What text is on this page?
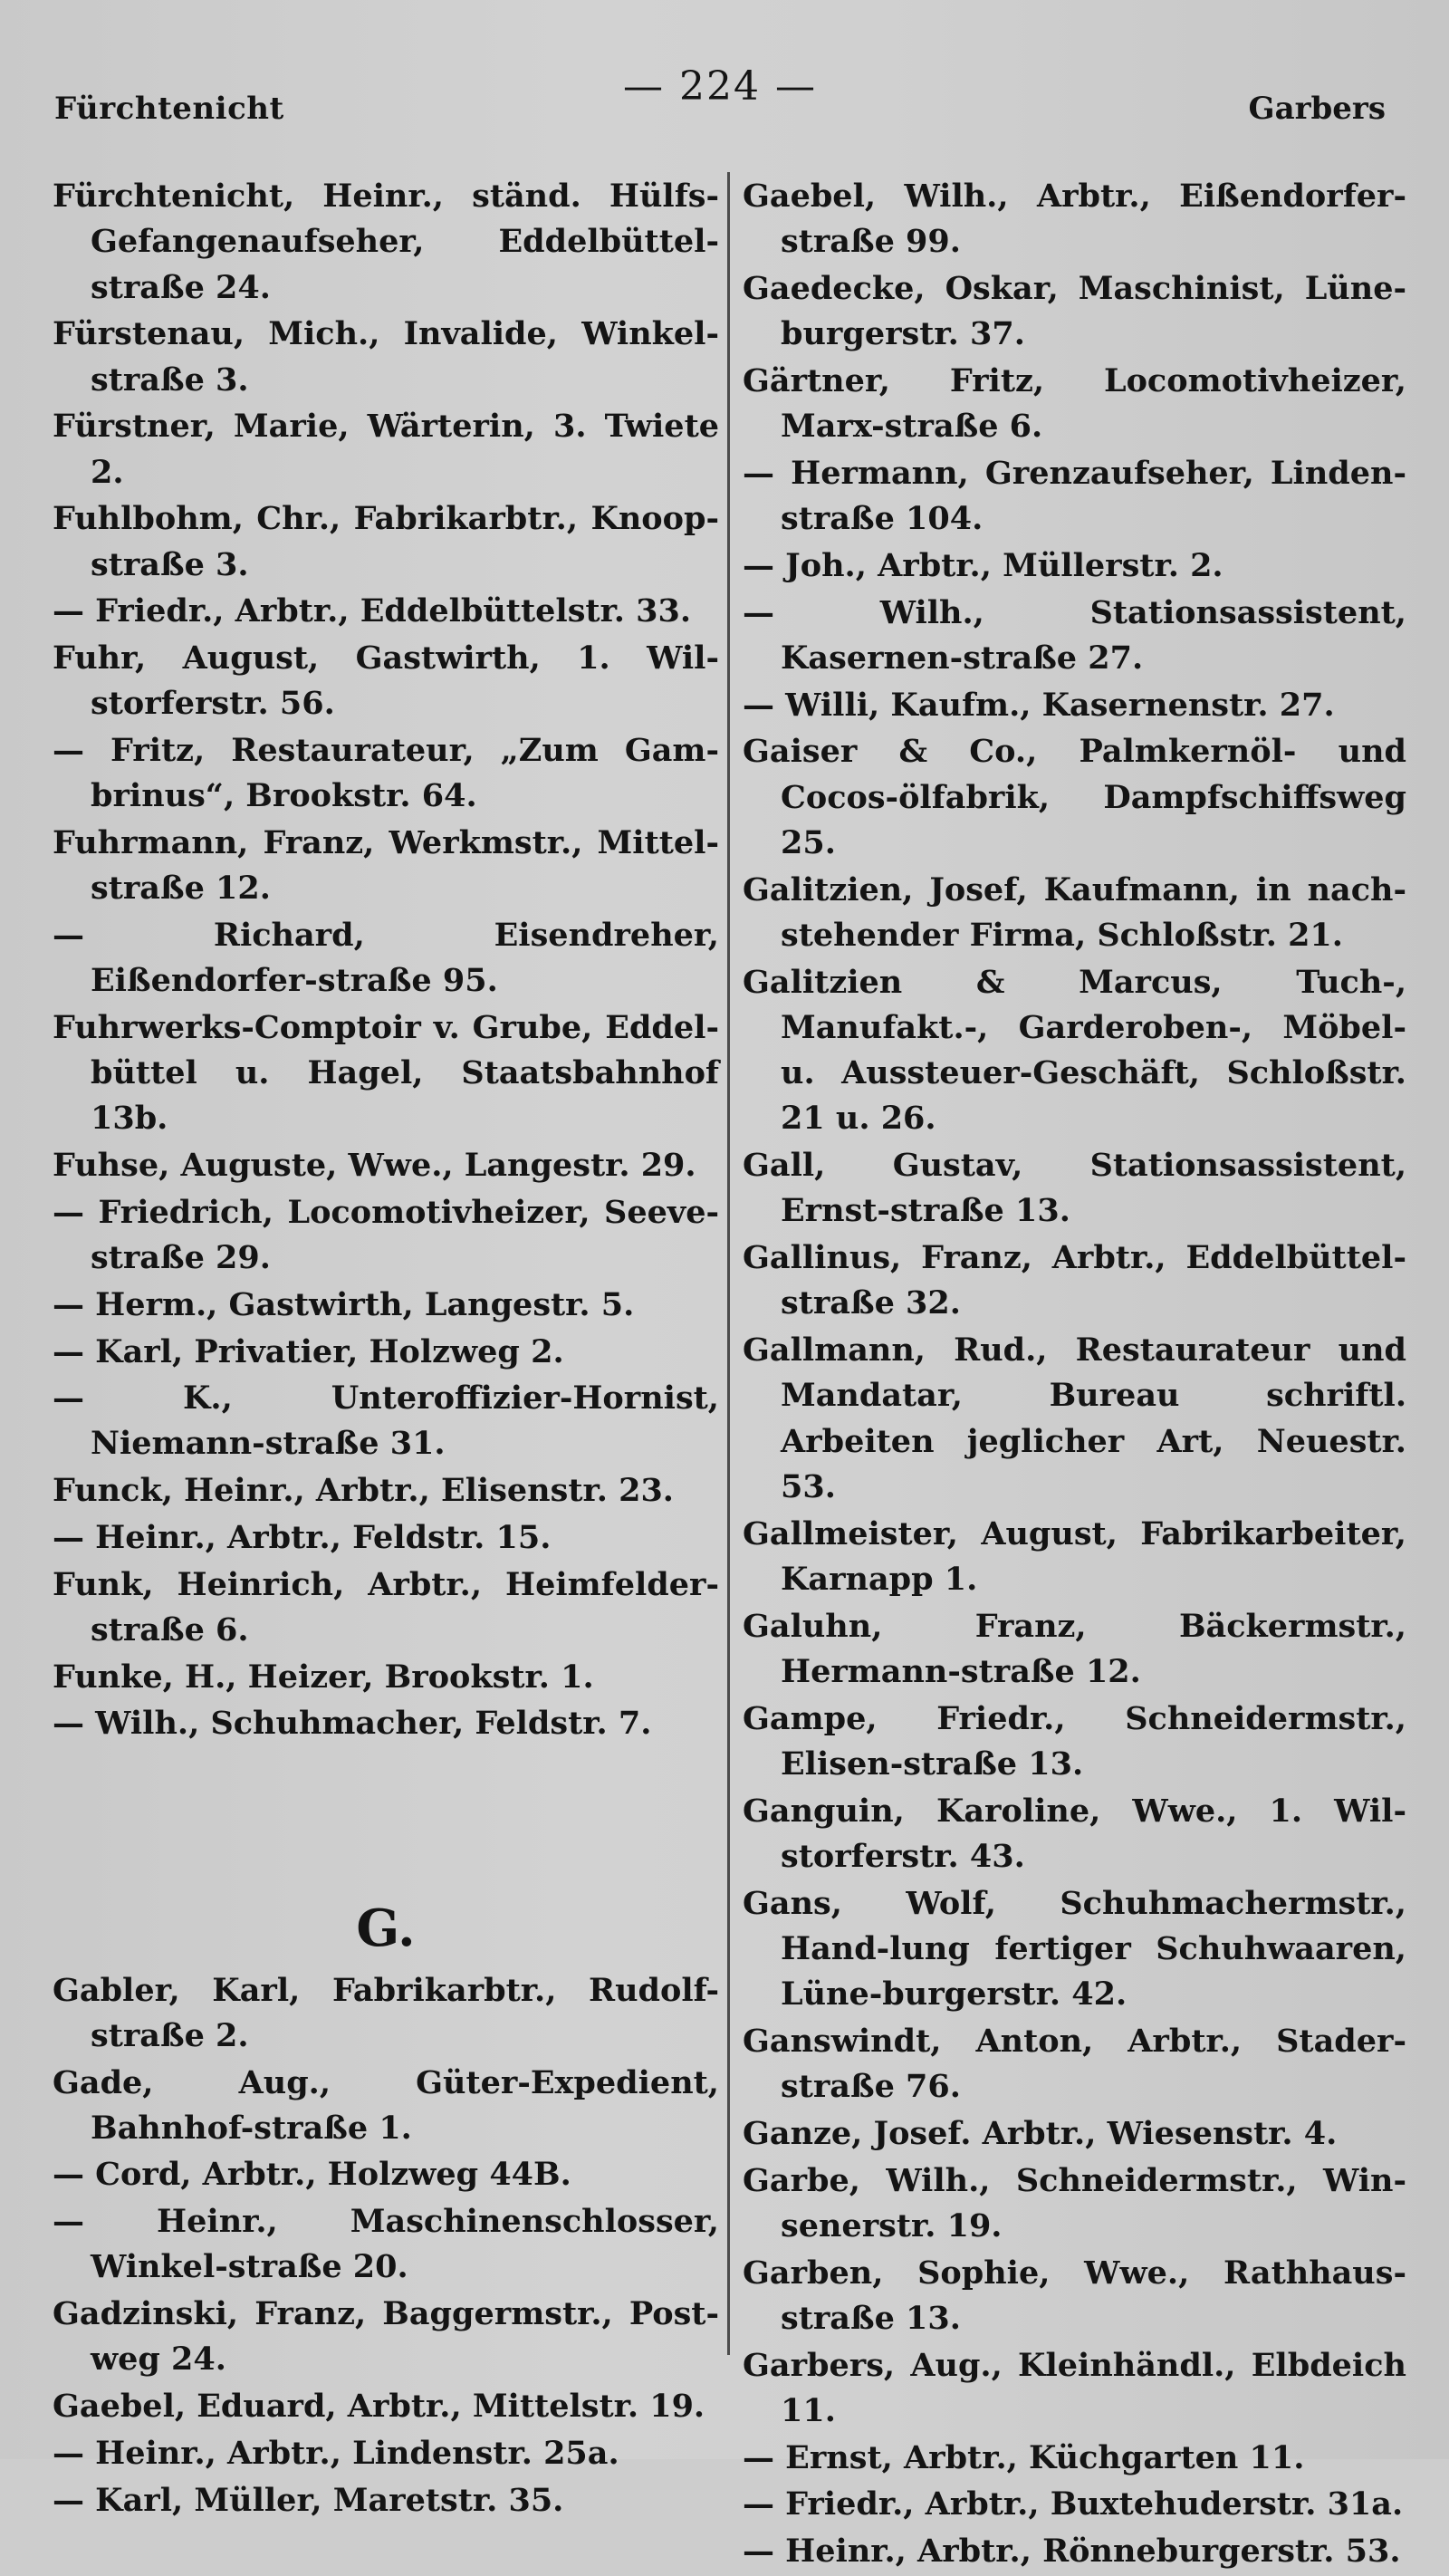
Fürchtenicht	— 224 —	Garbers

Fürchtenicht, Heinr., ständ. Hülfs-Gefangenaufseher, Eddelbüttel-straße 24.

Fürstenau, Mich., Invalide, Winkel-straße 3.

Fürstner, Marie, Wärterin, 3. Twiete 2.

Fuhlbohm, Chr., Fabrikarbtr., Knoop-straße 3.

— Friedr., Arbtr., Eddelbüttelstr. 33.

Fuhr, August, Gastwirth, 1. Wil-storferstr. 56.

— Fritz, Restaurateur, „Zum Gam-brinus“, Brookstr. 64.

Fuhrmann, Franz, Werkmstr., Mittel-straße 12.

— Richard, Eisendreher, Eißendorfer-straße 95.

Fuhrwerks-Comptoir v. Grube, Eddel-büttel u. Hagel, Staatsbahnhof 13b.

Fuhse, Auguste, Wwe., Langestr. 29.

— Friedrich, Locomotivheizer, Seeve-straße 29.

— Herm., Gastwirth, Langestr. 5.

— Karl, Privatier, Holzweg 2.

— K., Unteroffizier-Hornist, Niemann-straße 31.

Funck, Heinr., Arbtr., Elisenstr. 23.

— Heinr., Arbtr., Feldstr. 15.

Funk, Heinrich, Arbtr., Heimfelder-straße 6.

Funke, H., Heizer, Brookstr. 1.

— Wilh., Schuhmacher, Feldstr. 7.

G.

Gabler, Karl, Fabrikarbtr., Rudolf-straße 2.

Gade, Aug., Güter-Expedient, Bahnhof-straße 1.

— Cord, Arbtr., Holzweg 44B.

— Heinr., Maschinenschlosser, Winkel-straße 20.

Gadzinski, Franz, Baggermstr., Post-weg 24.

Gaebel, Eduard, Arbtr., Mittelstr. 19.

— Heinr., Arbtr., Lindenstr. 25a.

— Karl, Müller, Maretstr. 35.

Gaebel, Wilh., Arbtr., Eißendorfer-straße 99.

Gaedecke, Oskar, Maschinist, Lüne-burgerstr. 37.

Gärtner, Fritz, Locomotivheizer, Marx-straße 6.

— Hermann, Grenzaufseher, Linden-straße 104.

— Joh., Arbtr., Müllerstr. 2.

— Wilh., Stationsassistent, Kasernen-straße 27.

— Willi, Kaufm., Kasernenstr. 27.

Gaiser & Co., Palmkernöl- und Cocos-ölfabrik, Dampfschiffsweg 25.

Galitzien, Josef, Kaufmann, in nach-stehender Firma, Schloßstr. 21.

Galitzien & Marcus, Tuch-, Manufakt.-, Garderoben-, Möbel- u. Aussteuer-Geschäft, Schloßstr. 21 u. 26.

Gall, Gustav, Stationsassistent, Ernst-straße 13.

Gallinus, Franz, Arbtr., Eddelbüttel-straße 32.

Gallmann, Rud., Restaurateur und Mandatar, Bureau schriftl. Arbeiten jeglicher Art, Neuestr. 53.

Gallmeister, August, Fabrikarbeiter, Karnapp 1.

Galuhn, Franz, Bäckermstr., Hermann-straße 12.

Gampe, Friedr., Schneidermstr., Elisen-straße 13.

Ganguin, Karoline, Wwe., 1. Wil-storferstr. 43.

Gans, Wolf, Schuhmachermstr., Hand-lung fertiger Schuhwaaren, Lüne-burgerstr. 42.

Ganswindt, Anton, Arbtr., Stader-straße 76.

Ganze, Josef. Arbtr., Wiesenstr. 4.

Garbe, Wilh., Schneidermstr., Win-senerstr. 19.

Garben, Sophie, Wwe., Rathhaus-straße 13.

Garbers, Aug., Kleinhändl., Elbdeich 11.

— Ernst, Arbtr., Küchgarten 11.

— Friedr., Arbtr., Buxtehuderstr. 31a.

— Heinr., Arbtr., Rönneburgerstr. 53.
